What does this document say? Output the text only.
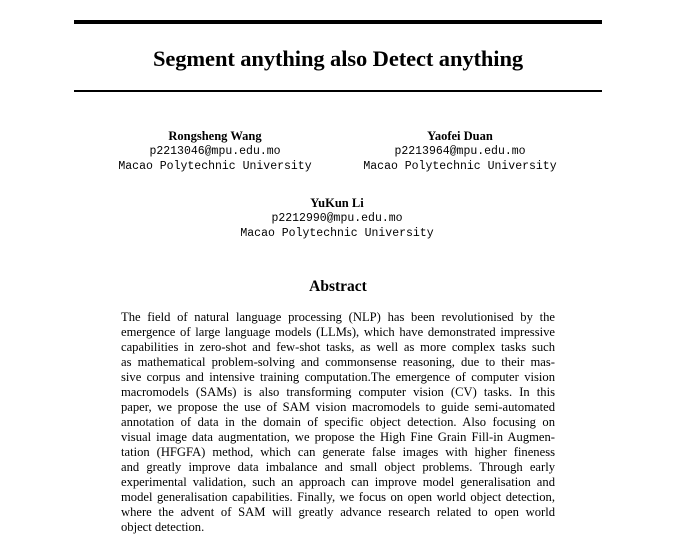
Segment anything also Detect anything
Rongsheng Wang
p2213046@mpu.edu.mo
Macao Polytechnic University
Yaofei Duan
p2213964@mpu.edu.mo
Macao Polytechnic University
YuKun Li
p2212990@mpu.edu.mo
Macao Polytechnic University
Abstract
The field of natural language processing (NLP) has been revolutionised by the
emergence of large language models (LLMs), which have demonstrated impressive
capabilities in zero-shot and few-shot tasks, as well as more complex tasks such
as mathematical problem-solving and commonsense reasoning, due to their mas-
sive corpus and intensive training computation.The emergence of computer vision
macromodels (SAMs) is also transforming computer vision (CV) tasks. In this
paper, we propose the use of SAM vision macromodels to guide semi-automated
annotation of data in the domain of specific object detection. Also focusing on
visual image data augmentation, we propose the High Fine Grain Fill-in Augmen-
tation (HFGFA) method, which can generate false images with higher fineness
and greatly improve data imbalance and small object problems. Through early
experimental validation, such an approach can improve model generalisation and
model generalisation capabilities. Finally, we focus on open world object detection,
where the advent of SAM will greatly advance research related to open world
object detection.
